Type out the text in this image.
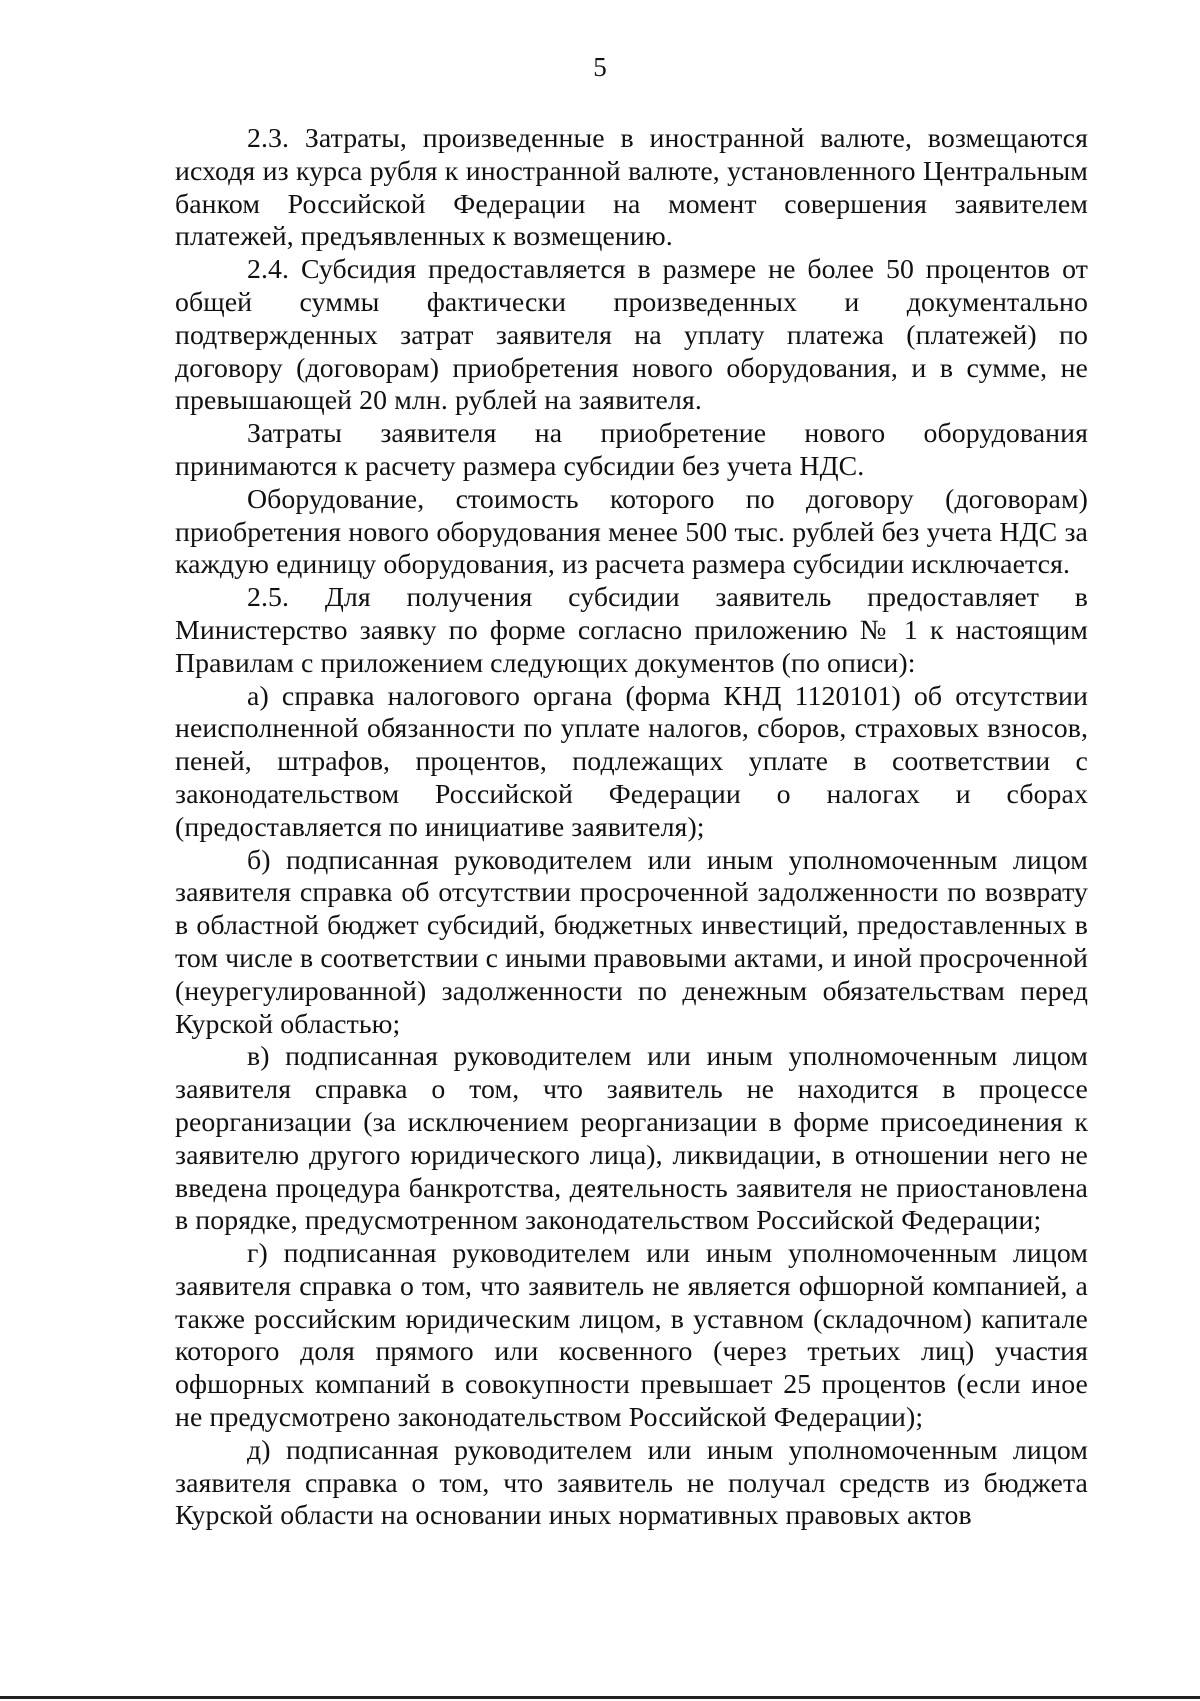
5

2.3. Затраты, произведенные в иностранной валюте, возмещаются исходя из курса рубля к иностранной валюте, установленного Центральным банком Российской Федерации на момент совершения заявителем платежей, предъявленных к возмещению.

2.4. Субсидия предоставляется в размере не более 50 процентов от общей суммы фактически произведенных и документально подтвержденных затрат заявителя на уплату платежа (платежей) по договору (договорам) приобретения нового оборудования, и в сумме, не превышающей 20 млн. рублей на заявителя.

Затраты заявителя на приобретение нового оборудования принимаются к расчету размера субсидии без учета НДС.

Оборудование, стоимость которого по договору (договорам) приобретения нового оборудования менее 500 тыс. рублей без учета НДС за каждую единицу оборудования, из расчета размера субсидии исключается.

2.5. Для получения субсидии заявитель предоставляет в Министерство заявку по форме согласно приложению № 1 к настоящим Правилам с приложением следующих документов (по описи):

а) справка налогового органа (форма КНД 1120101) об отсутствии неисполненной обязанности по уплате налогов, сборов, страховых взносов, пеней, штрафов, процентов, подлежащих уплате в соответствии с законодательством Российской Федерации о налогах и сборах (предоставляется по инициативе заявителя);

б) подписанная руководителем или иным уполномоченным лицом заявителя справка об отсутствии просроченной задолженности по возврату в областной бюджет субсидий, бюджетных инвестиций, предоставленных в том числе в соответствии с иными правовыми актами, и иной просроченной (неурегулированной) задолженности по денежным обязательствам перед Курской областью;

в) подписанная руководителем или иным уполномоченным лицом заявителя справка о том, что заявитель не находится в процессе реорганизации (за исключением реорганизации в форме присоединения к заявителю другого юридического лица), ликвидации, в отношении него не введена процедура банкротства, деятельность заявителя не приостановлена в порядке, предусмотренном законодательством Российской Федерации;

г) подписанная руководителем или иным уполномоченным лицом заявителя справка о том, что заявитель не является офшорной компанией, а также российским юридическим лицом, в уставном (складочном) капитале которого доля прямого или косвенного (через третьих лиц) участия офшорных компаний в совокупности превышает 25 процентов (если иное не предусмотрено законодательством Российской Федерации);

д) подписанная руководителем или иным уполномоченным лицом заявителя справка о том, что заявитель не получал средств из бюджета Курской области на основании иных нормативных правовых актов
